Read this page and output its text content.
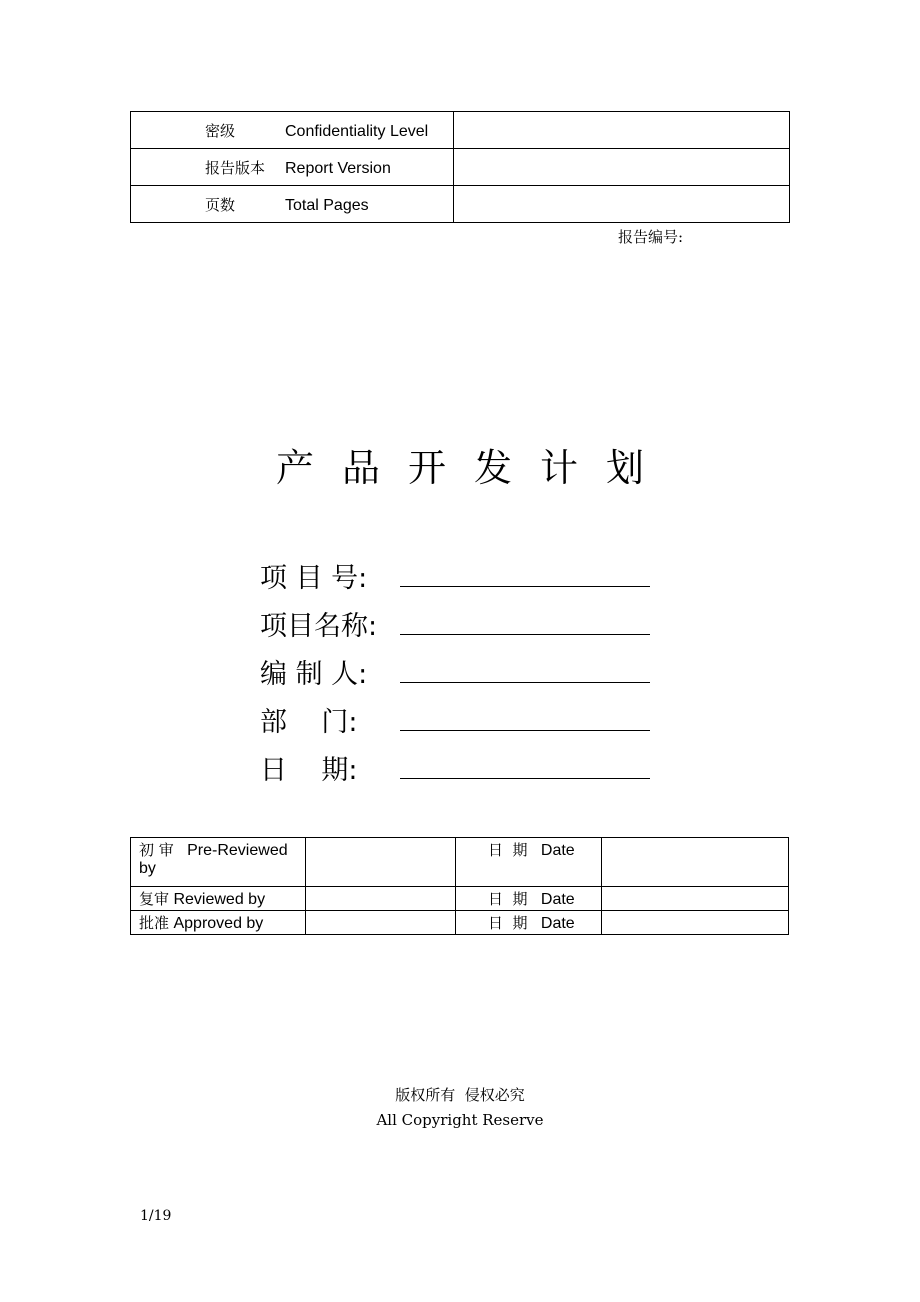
密级 Confidentiality Level	
报告版本 Report Version	
页数 Total Pages	
报告编号:
产品开发计划
项 目 号:
项目名称:
编 制 人:
部    门:
日    期:
初 审 Pre-Reviewed by		日  期 Date	
复审 Reviewed by		日  期 Date	
批准 Approved by		日  期 Date	
版权所有  侵权必究
All Copyright Reserve
1/19
